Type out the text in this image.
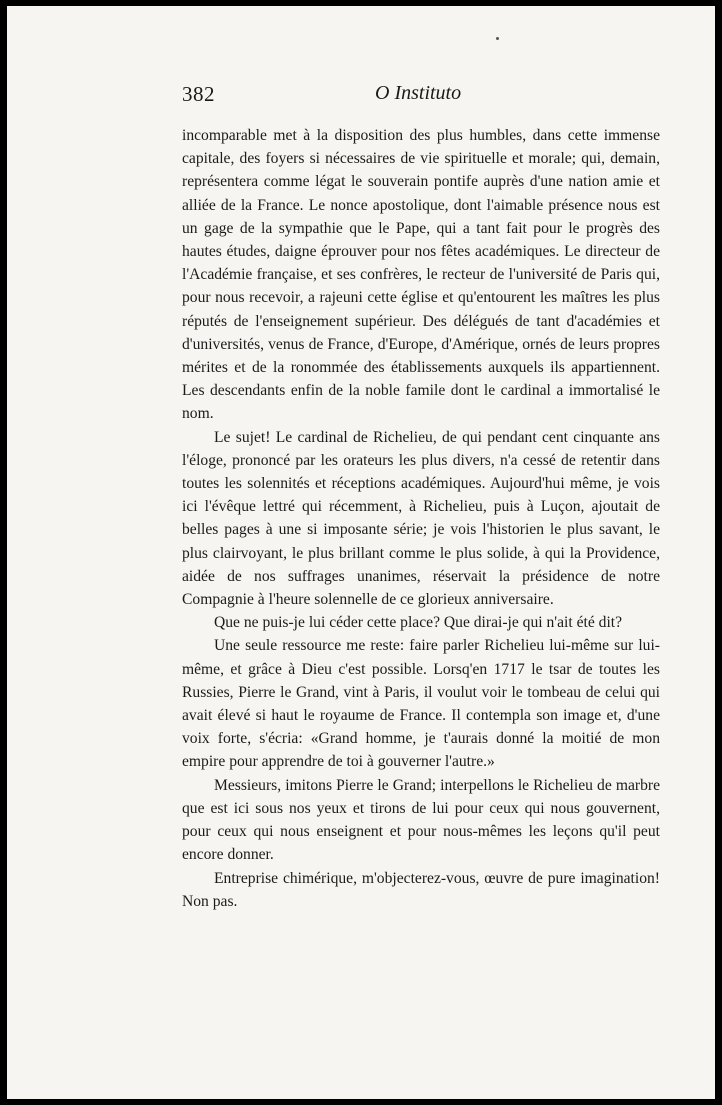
382	O Instituto

incomparable met à la disposition des plus humbles, dans cette immense capitale, des foyers si nécessaires de vie spirituelle et morale; qui, demain, représentera comme légat le souverain pontife auprès d'une nation amie et alliée de la France. Le nonce apostolique, dont l'aimable présence nous est un gage de la sympathie que le Pape, qui a tant fait pour le progrès des hautes études, daigne éprouver pour nos fêtes académiques. Le directeur de l'Académie française, et ses confrères, le recteur de l'université de Paris qui, pour nous recevoir, a rajeuni cette église et qu'entourent les maîtres les plus réputés de l'enseignement supérieur. Des délégués de tant d'académies et d'universités, venus de France, d'Europe, d'Amérique, ornés de leurs propres mérites et de la ronommée des établissements auxquels ils appartiennent. Les descendants enfin de la noble famile dont le cardinal a immortalisé le nom.

Le sujet! Le cardinal de Richelieu, de qui pendant cent cinquante ans l'éloge, prononcé par les orateurs les plus divers, n'a cessé de retentir dans toutes les solennités et réceptions académiques. Aujourd'hui même, je vois ici l'évêque lettré qui récemment, à Richelieu, puis à Luçon, ajoutait de belles pages à une si imposante série; je vois l'historien le plus savant, le plus clairvoyant, le plus brillant comme le plus solide, à qui la Providence, aidée de nos suffrages unanimes, réservait la présidence de notre Compagnie à l'heure solennelle de ce glorieux anniversaire.

Que ne puis-je lui céder cette place? Que dirai-je qui n'ait été dit?

Une seule ressource me reste: faire parler Richelieu lui-même sur lui-même, et grâce à Dieu c'est possible. Lorsq'en 1717 le tsar de toutes les Russies, Pierre le Grand, vint à Paris, il voulut voir le tombeau de celui qui avait élevé si haut le royaume de France. Il contempla son image et, d'une voix forte, s'écria: «Grand homme, je t'aurais donné la moitié de mon empire pour apprendre de toi à gouverner l'autre.»

Messieurs, imitons Pierre le Grand; interpellons le Richelieu de marbre que est ici sous nos yeux et tirons de lui pour ceux qui nous gouvernent, pour ceux qui nous enseignent et pour nous-mêmes les leçons qu'il peut encore donner.

Entreprise chimérique, m'objecterez-vous, œuvre de pure imagination! Non pas.
